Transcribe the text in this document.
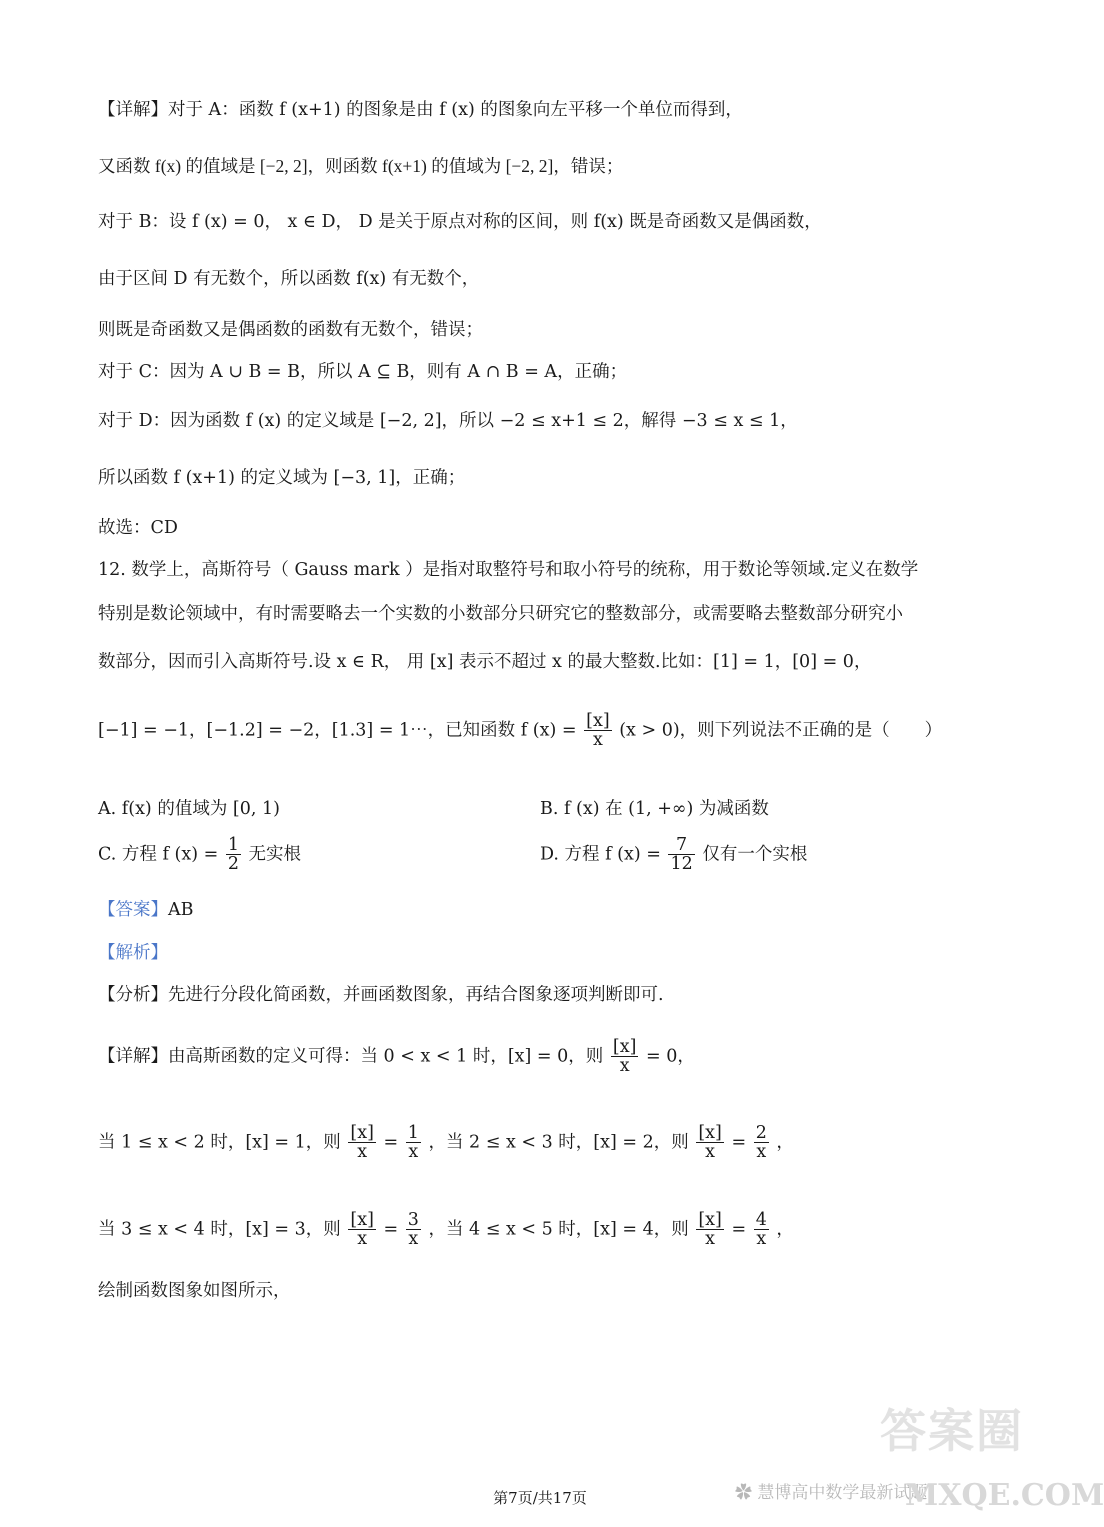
【详解】对于 A：函数 f (x+1) 的图象是由 f (x) 的图象向左平移一个单位而得到，
又函数 f(x) 的值域是 [−2, 2]，则函数 f(x+1) 的值域为 [−2, 2]，错误；
对于 B：设 f (x) = 0， x ∈ D， D 是关于原点对称的区间，则 f(x) 既是奇函数又是偶函数，
由于区间 D 有无数个，所以函数 f(x) 有无数个，
则既是奇函数又是偶函数的函数有无数个，错误；
对于 C：因为 A ∪ B = B，所以 A ⊆ B，则有 A ∩ B = A，正确；
对于 D：因为函数 f (x) 的定义域是 [−2, 2]，所以 −2 ≤ x+1 ≤ 2，解得 −3 ≤ x ≤ 1，
所以函数 f (x+1) 的定义域为 [−3, 1]，正确；
故选：CD
12. 数学上，高斯符号（ Gauss mark ）是指对取整符号和取小符号的统称，用于数论等领域.定义在数学
特别是数论领域中，有时需要略去一个实数的小数部分只研究它的整数部分，或需要略去整数部分研究小
数部分，因而引入高斯符号.设 x ∈ R， 用 [x] 表示不超过 x 的最大整数.比如：[1] = 1，[0] = 0，
[−1] = −1，[−1.2] = −2，[1.3] = 1⋯，已知函数 f $(x) = \frac{[x]}{x} (x > 0)$，则下列说法不正确的是（　　）
A. f(x) 的值域为 [0, 1)	B. f (x) 在 (1, +∞) 为减函数
C. 方程 f $(x) = \frac{1}{2}$ 无实根	D. 方程 f $(x) = \frac{7}{12}$ 仅有一个实根
【答案】AB
【解析】
【分析】先进行分段化简函数，并画函数图象，再结合图象逐项判断即可.
【详解】由高斯函数的定义可得：当 0 < x < 1 时，[x] = 0，则 $\frac{[x]}{x} = 0$，
当 1 ≤ x < 2 时，[x] = 1，则 $\frac{[x]}{x} = \frac{1}{x}$ ，当 2 ≤ x < 3 时，[x] = 2，则 $\frac{[x]}{x} = \frac{2}{x}$ ，
当 3 ≤ x < 4 时，[x] = 3，则 $\frac{[x]}{x} = \frac{3}{x}$ ，当 4 ≤ x < 5 时，[x] = 4，则 $\frac{[x]}{x} = \frac{4}{x}$ ，
绘制函数图象如图所示，
答案圈
✿ 慧博高中数学最新试题
MXQE.COM
第7页/共17页
